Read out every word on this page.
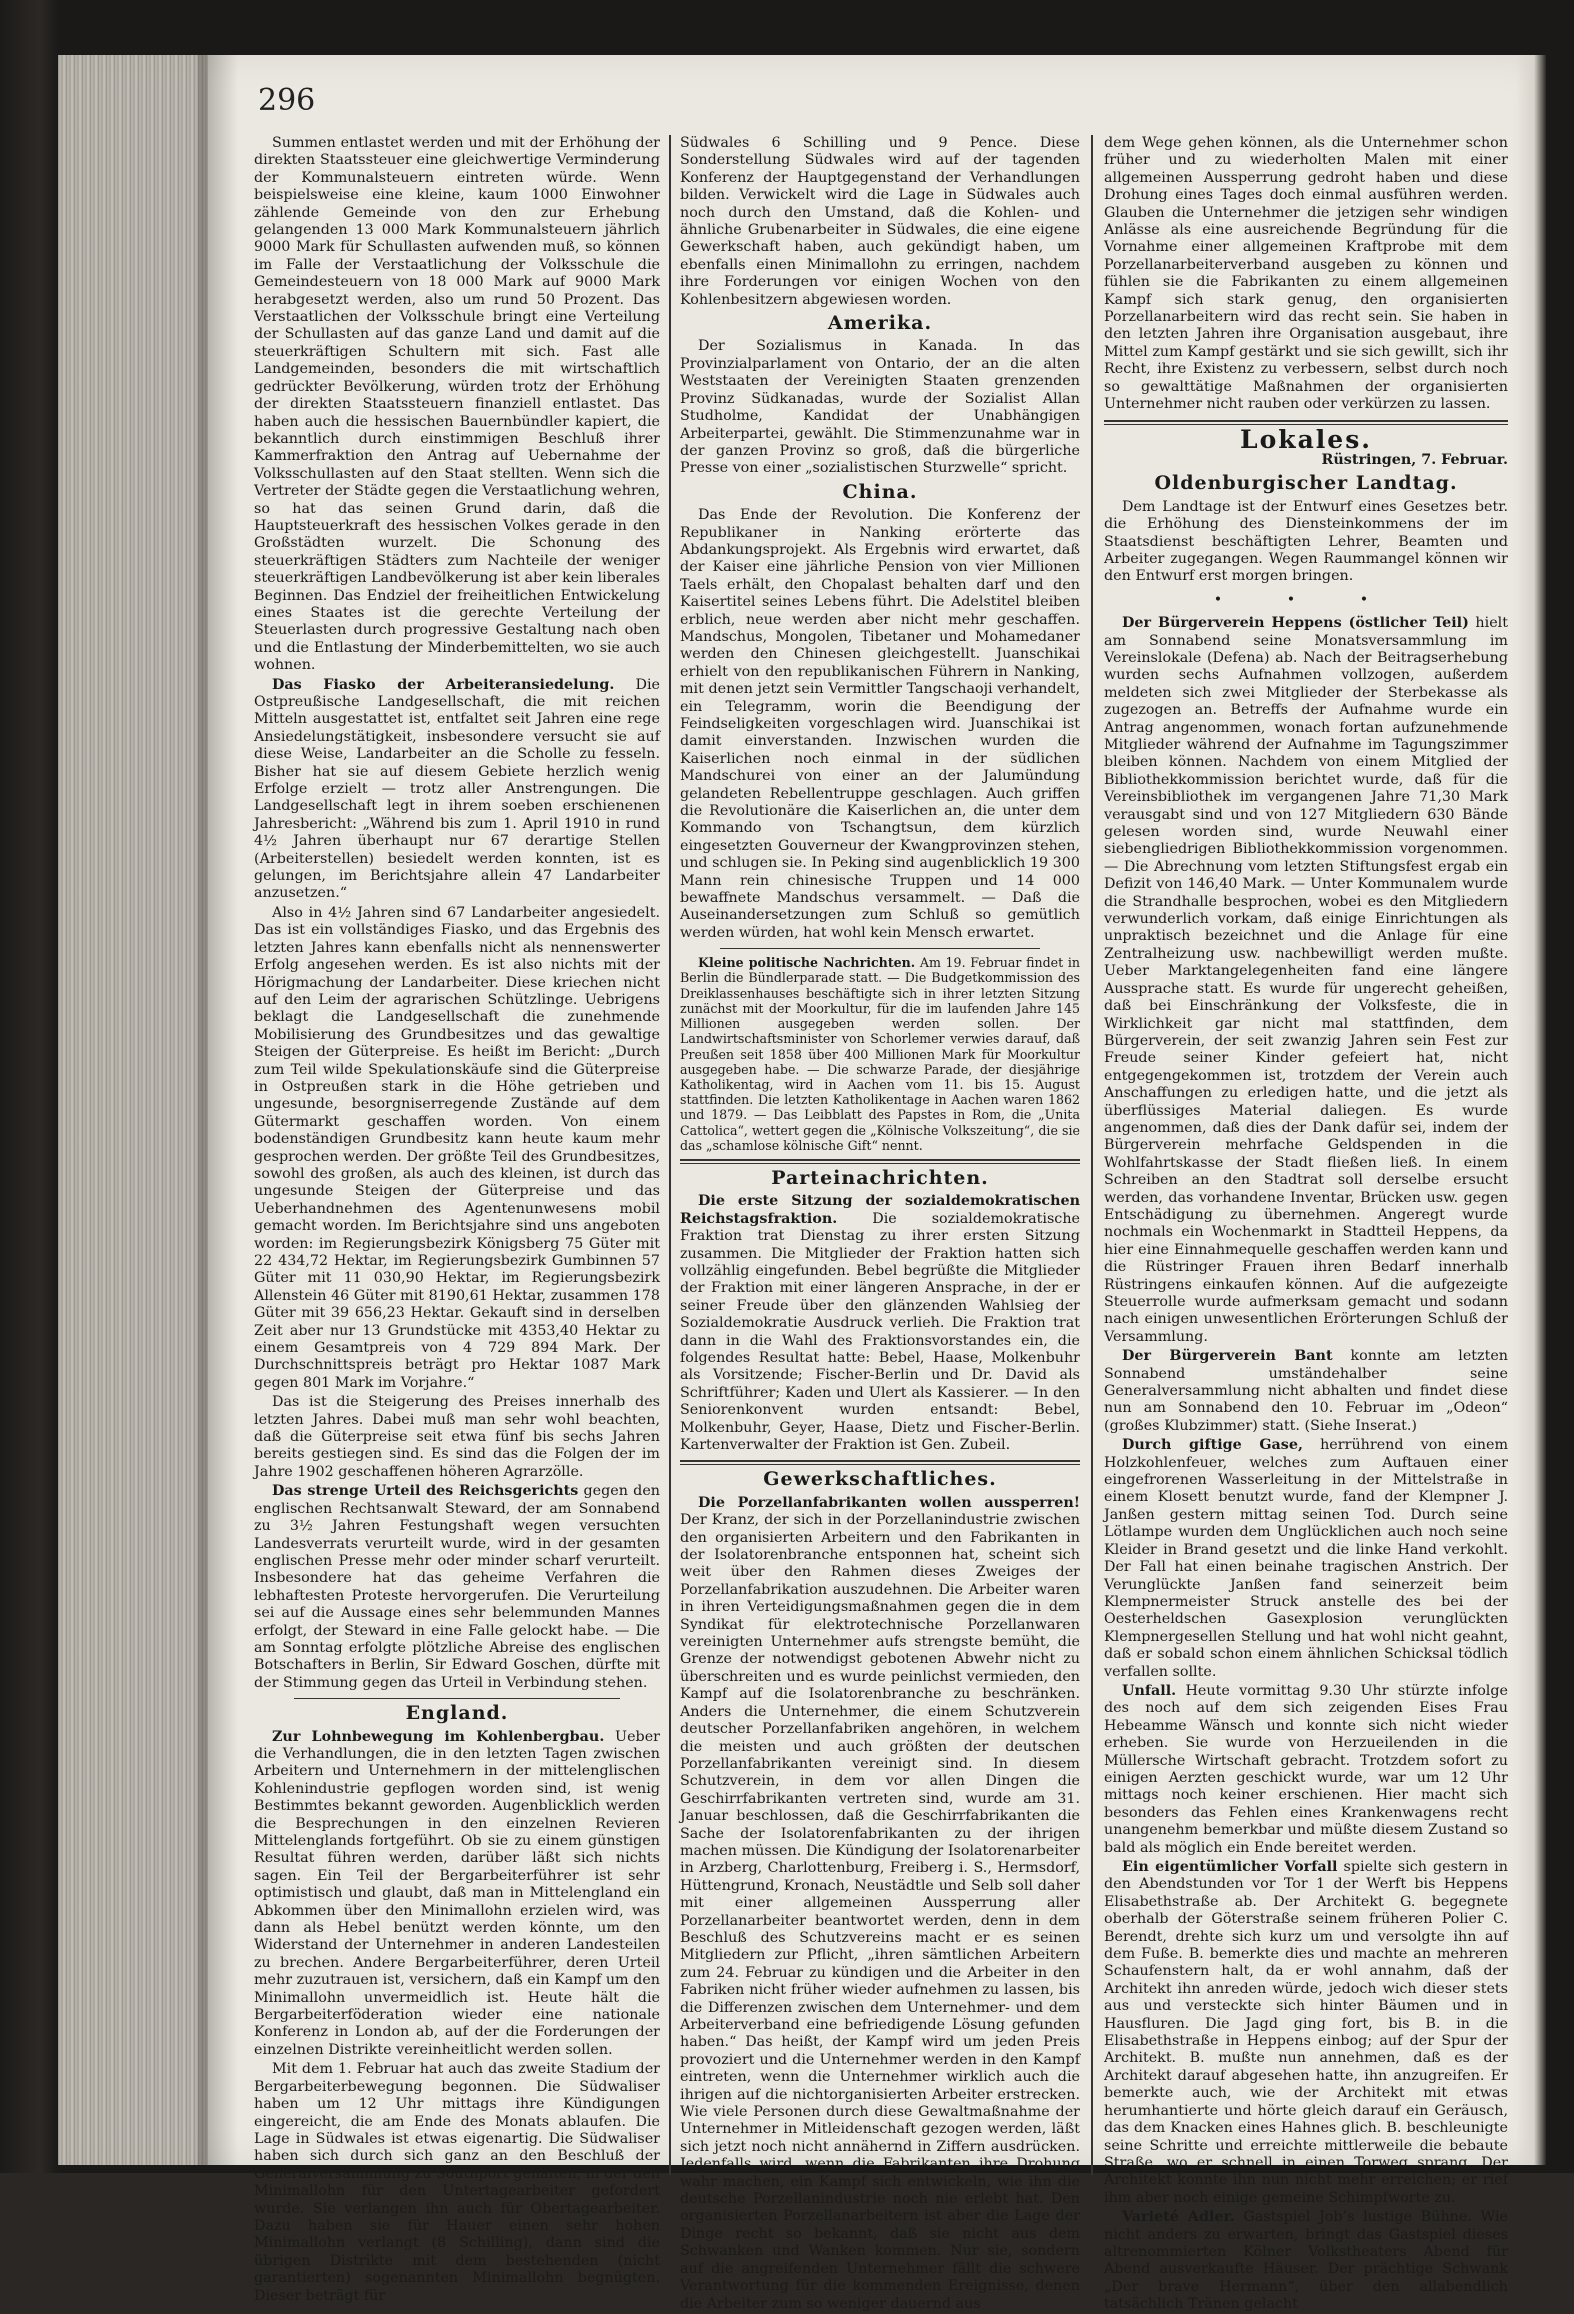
296

Summen entlastet werden und mit der Erhöhung der direkten Staatssteuer eine gleichwertige Verminderung der Kommunalsteuern eintreten würde. Wenn beispielsweise eine kleine, kaum 1000 Einwohner zählende Gemeinde von den zur Erhebung gelangenden 13 000 Mark Kommunalsteuern jährlich 9000 Mark für Schullasten aufwenden muß, so können im Falle der Verstaatlichung der Volksschule die Gemeindesteuern von 18 000 Mark auf 9000 Mark herabgesetzt werden, also um rund 50 Prozent. Das Verstaatlichen der Volksschule bringt eine Verteilung der Schullasten auf das ganze Land und damit auf die steuerkräftigen Schultern mit sich. Fast alle Landgemeinden, besonders die mit wirtschaftlich gedrückter Bevölkerung, würden trotz der Erhöhung der direkten Staatssteuern finanziell entlastet. Das haben auch die hessischen Bauernbündler kapiert, die bekanntlich durch einstimmigen Beschluß ihrer Kammerfraktion den Antrag auf Uebernahme der Volksschullasten auf den Staat stellten. Wenn sich die Vertreter der Städte gegen die Verstaatlichung wehren, so hat das seinen Grund darin, daß die Hauptsteuerkraft des hessischen Volkes gerade in den Großstädten wurzelt. Die Schonung des steuerkräftigen Städters zum Nachteile der weniger steuerkräftigen Landbevölkerung ist aber kein liberales Beginnen. Das Endziel der freiheitlichen Entwickelung eines Staates ist die gerechte Verteilung der Steuerlasten durch progressive Gestaltung nach oben und die Entlastung der Minderbemittelten, wo sie auch wohnen.

Das Fiasko der Arbeiteransiedelung. Die Ostpreußische Landgesellschaft, die mit reichen Mitteln ausgestattet ist, entfaltet seit Jahren eine rege Ansiedelungstätigkeit, insbesondere versucht sie auf diese Weise, Landarbeiter an die Scholle zu fesseln. Bisher hat sie auf diesem Gebiete herzlich wenig Erfolge erzielt — trotz aller Anstrengungen. Die Landgesellschaft legt in ihrem soeben erschienenen Jahresbericht: „Während bis zum 1. April 1910 in rund 4½ Jahren überhaupt nur 67 derartige Stellen (Arbeiterstellen) besiedelt werden konnten, ist es gelungen, im Berichtsjahre allein 47 Landarbeiter anzusetzen.“

Also in 4½ Jahren sind 67 Landarbeiter angesiedelt. Das ist ein vollständiges Fiasko, und das Ergebnis des letzten Jahres kann ebenfalls nicht als nennenswerter Erfolg angesehen werden. Es ist also nichts mit der Hörigmachung der Landarbeiter. Diese kriechen nicht auf den Leim der agrarischen Schützlinge. Uebrigens beklagt die Landgesellschaft die zunehmende Mobilisierung des Grundbesitzes und das gewaltige Steigen der Güterpreise. Es heißt im Bericht: „Durch zum Teil wilde Spekulationskäufe sind die Güterpreise in Ostpreußen stark in die Höhe getrieben und ungesunde, besorgniserregende Zustände auf dem Gütermarkt geschaffen worden. Von einem bodenständigen Grundbesitz kann heute kaum mehr gesprochen werden. Der größte Teil des Grundbesitzes, sowohl des großen, als auch des kleinen, ist durch das ungesunde Steigen der Güterpreise und das Ueberhandnehmen des Agentenunwesens mobil gemacht worden. Im Berichtsjahre sind uns angeboten worden: im Regierungsbezirk Königsberg 75 Güter mit 22 434,72 Hektar, im Regierungsbezirk Gumbinnen 57 Güter mit 11 030,90 Hektar, im Regierungsbezirk Allenstein 46 Güter mit 8190,61 Hektar, zusammen 178 Güter mit 39 656,23 Hektar. Gekauft sind in derselben Zeit aber nur 13 Grundstücke mit 4353,40 Hektar zu einem Gesamtpreis von 4 729 894 Mark. Der Durchschnittspreis beträgt pro Hektar 1087 Mark gegen 801 Mark im Vorjahre.“

Das ist die Steigerung des Preises innerhalb des letzten Jahres. Dabei muß man sehr wohl beachten, daß die Güterpreise seit etwa fünf bis sechs Jahren bereits gestiegen sind. Es sind das die Folgen der im Jahre 1902 geschaffenen höheren Agrarzölle.

Das strenge Urteil des Reichsgerichts gegen den englischen Rechtsanwalt Steward, der am Sonnabend zu 3½ Jahren Festungshaft wegen versuchten Landesverrats verurteilt wurde, wird in der gesamten englischen Presse mehr oder minder scharf verurteilt. Insbesondere hat das geheime Verfahren die lebhaftesten Proteste hervorgerufen. Die Verurteilung sei auf die Aussage eines sehr belemmunden Mannes erfolgt, der Steward in eine Falle gelockt habe. — Die am Sonntag erfolgte plötzliche Abreise des englischen Botschafters in Berlin, Sir Edward Goschen, dürfte mit der Stimmung gegen das Urteil in Verbindung stehen.

England.

Zur Lohnbewegung im Kohlenbergbau. Ueber die Verhandlungen, die in den letzten Tagen zwischen Arbeitern und Unternehmern in der mittelenglischen Kohlenindustrie gepflogen worden sind, ist wenig Bestimmtes bekannt geworden. Augenblicklich werden die Besprechungen in den einzelnen Revieren Mittelenglands fortgeführt. Ob sie zu einem günstigen Resultat führen werden, darüber läßt sich nichts sagen. Ein Teil der Bergarbeiterführer ist sehr optimistisch und glaubt, daß man in Mittelengland ein Abkommen über den Minimallohn erzielen wird, was dann als Hebel benützt werden könnte, um den Widerstand der Unternehmer in anderen Landesteilen zu brechen. Andere Bergarbeiterführer, deren Urteil mehr zuzutrauen ist, versichern, daß ein Kampf um den Minimallohn unvermeidlich ist. Heute hält die Bergarbeiterföderation wieder eine nationale Konferenz in London ab, auf der die Forderungen der einzelnen Distrikte vereinheitlicht werden sollen.

Mit dem 1. Februar hat auch das zweite Stadium der Bergarbeiterbewegung begonnen. Die Südwaliser haben um 12 Uhr mittags ihre Kündigungen eingereicht, die am Ende des Monats ablaufen. Die Lage in Südwales ist etwas eigenartig. Die Südwaliser haben sich durch sich ganz an den Beschluß der Generalversammlung zu Southport gehalten, in der den Minimallohn für den Untertagearbeiter gefordert wurde. Sie verlangen ihn auch für Obertagearbeiter. Dazu haben sie für Hauer einen sehr hohen Minimallohn verlangt (8 Schilling), dann sind die übrigen Distrikte mit dem bestehenden (nicht garantierten) sogenannten Minimallohn begnügten. Dieser beträgt für

Südwales 6 Schilling und 9 Pence. Diese Sonderstellung Südwales wird auf der tagenden Konferenz der Hauptgegenstand der Verhandlungen bilden. Verwickelt wird die Lage in Südwales auch noch durch den Umstand, daß die Kohlen- und ähnliche Grubenarbeiter in Südwales, die eine eigene Gewerkschaft haben, auch gekündigt haben, um ebenfalls einen Minimallohn zu erringen, nachdem ihre Forderungen vor einigen Wochen von den Kohlenbesitzern abgewiesen worden.

Amerika.

Der Sozialismus in Kanada. In das Provinzialparlament von Ontario, der an die alten Weststaaten der Vereinigten Staaten grenzenden Provinz Südkanadas, wurde der Sozialist Allan Studholme, Kandidat der Unabhängigen Arbeiterpartei, gewählt. Die Stimmenzunahme war in der ganzen Provinz so groß, daß die bürgerliche Presse von einer „sozialistischen Sturzwelle“ spricht.

China.

Das Ende der Revolution. Die Konferenz der Republikaner in Nanking erörterte das Abdankungsprojekt. Als Ergebnis wird erwartet, daß der Kaiser eine jährliche Pension von vier Millionen Taels erhält, den Chopalast behalten darf und den Kaisertitel seines Lebens führt. Die Adelstitel bleiben erblich, neue werden aber nicht mehr geschaffen. Mandschus, Mongolen, Tibetaner und Mohamedaner werden den Chinesen gleichgestellt. Juanschikai erhielt von den republikanischen Führern in Nanking, mit denen jetzt sein Vermittler Tangschaoji verhandelt, ein Telegramm, worin die Beendigung der Feindseligkeiten vorgeschlagen wird. Juanschikai ist damit einverstanden. Inzwischen wurden die Kaiserlichen noch einmal in der südlichen Mandschurei von einer an der Jalumündung gelandeten Rebellentruppe geschlagen. Auch griffen die Revolutionäre die Kaiserlichen an, die unter dem Kommando von Tschangtsun, dem kürzlich eingesetzten Gouverneur der Kwangprovinzen stehen, und schlugen sie. In Peking sind augenblicklich 19 300 Mann rein chinesische Truppen und 14 000 bewaffnete Mandschus versammelt. — Daß die Auseinandersetzungen zum Schluß so gemütlich werden würden, hat wohl kein Mensch erwartet.

Kleine politische Nachrichten. Am 19. Februar findet in Berlin die Bündlerparade statt. — Die Budgetkommission des Dreiklassenhauses beschäftigte sich in ihrer letzten Sitzung zunächst mit der Moorkultur, für die im laufenden Jahre 145 Millionen ausgegeben werden sollen. Der Landwirtschaftsminister von Schorlemer verwies darauf, daß Preußen seit 1858 über 400 Millionen Mark für Moorkultur ausgegeben habe. — Die schwarze Parade, der diesjährige Katholikentag, wird in Aachen vom 11. bis 15. August stattfinden. Die letzten Katholikentage in Aachen waren 1862 und 1879. — Das Leibblatt des Papstes in Rom, die „Unita Cattolica“, wettert gegen die „Kölnische Volkszeitung“, die sie das „schamlose kölnische Gift“ nennt.

Parteinachrichten.

Die erste Sitzung der sozialdemokratischen Reichstagsfraktion. Die sozialdemokratische Fraktion trat Dienstag zu ihrer ersten Sitzung zusammen. Die Mitglieder der Fraktion hatten sich vollzählig eingefunden. Bebel begrüßte die Mitglieder der Fraktion mit einer längeren Ansprache, in der er seiner Freude über den glänzenden Wahlsieg der Sozialdemokratie Ausdruck verlieh. Die Fraktion trat dann in die Wahl des Fraktionsvorstandes ein, die folgendes Resultat hatte: Bebel, Haase, Molkenbuhr als Vorsitzende; Fischer-Berlin und Dr. David als Schriftführer; Kaden und Ulert als Kassierer. — In den Seniorenkonvent wurden entsandt: Bebel, Molkenbuhr, Geyer, Haase, Dietz und Fischer-Berlin. Kartenverwalter der Fraktion ist Gen. Zubeil.

Gewerkschaftliches.

Die Porzellanfabrikanten wollen aussperren! Der Kranz, der sich in der Porzellanindustrie zwischen den organisierten Arbeitern und den Fabrikanten in der Isolatorenbranche entsponnen hat, scheint sich weit über den Rahmen dieses Zweiges der Porzellanfabrikation auszudehnen. Die Arbeiter waren in ihren Verteidigungsmaßnahmen gegen die in dem Syndikat für elektrotechnische Porzellanwaren vereinigten Unternehmer aufs strengste bemüht, die Grenze der notwendigst gebotenen Abwehr nicht zu überschreiten und es wurde peinlichst vermieden, den Kampf auf die Isolatorenbranche zu beschränken. Anders die Unternehmer, die einem Schutzverein deutscher Porzellanfabriken angehören, in welchem die meisten und auch größten der deutschen Porzellanfabrikanten vereinigt sind. In diesem Schutzverein, in dem vor allen Dingen die Geschirrfabrikanten vertreten sind, wurde am 31. Januar beschlossen, daß die Geschirrfabrikanten die Sache der Isolatorenfabrikanten zu der ihrigen machen müssen. Die Kündigung der Isolatorenarbeiter in Arzberg, Charlottenburg, Freiberg i. S., Hermsdorf, Hüttengrund, Kronach, Neustädtle und Selb soll daher mit einer allgemeinen Aussperrung aller Porzellanarbeiter beantwortet werden, denn in dem Beschluß des Schutzvereins macht er es seinen Mitgliedern zur Pflicht, „ihren sämtlichen Arbeitern zum 24. Februar zu kündigen und die Arbeiter in den Fabriken nicht früher wieder aufnehmen zu lassen, bis die Differenzen zwischen dem Unternehmer- und dem Arbeiterverband eine befriedigende Lösung gefunden haben.“ Das heißt, der Kampf wird um jeden Preis provoziert und die Unternehmer werden in den Kampf eintreten, wenn die Unternehmer wirklich auch die ihrigen auf die nichtorganisierten Arbeiter erstrecken. Wie viele Personen durch diese Gewaltmaßnahme der Unternehmer in Mitleidenschaft gezogen werden, läßt sich jetzt noch nicht annähernd in Ziffern ausdrücken. Jedenfalls wird, wenn die Fabrikanten ihre Drohung wahr machen, ein Kampf sich entwickeln, wie ihn die deutsche Porzellanindustrie noch nie erlebt hat. Den organisierten Porzellanarbeitern ist aber die Lage der Dinge recht so bekannt, daß sie nicht aus dem Schwanken und Wanken kommen. Nur sie, sondern auf die angreifenden Unternehmer fällt die schwere Verantwortung für die kommenden Ereignisse, denen die Arbeiter zum so weniger dauernd aus

dem Wege gehen können, als die Unternehmer schon früher und zu wiederholten Malen mit einer allgemeinen Aussperrung gedroht haben und diese Drohung eines Tages doch einmal ausführen werden. Glauben die Unternehmer die jetzigen sehr windigen Anlässe als eine ausreichende Begründung für die Vornahme einer allgemeinen Kraftprobe mit dem Porzellanarbeiterverband ausgeben zu können und fühlen sie die Fabrikanten zu einem allgemeinen Kampf sich stark genug, den organisierten Porzellanarbeitern wird das recht sein. Sie haben in den letzten Jahren ihre Organisation ausgebaut, ihre Mittel zum Kampf gestärkt und sie sich gewillt, sich ihr Recht, ihre Existenz zu verbessern, selbst durch noch so gewalttätige Maßnahmen der organisierten Unternehmer nicht rauben oder verkürzen zu lassen.

Lokales.
Rüstringen, 7. Februar.
Oldenburgischer Landtag.

Dem Landtage ist der Entwurf eines Gesetzes betr. die Erhöhung des Diensteinkommens der im Staatsdienst beschäftigten Lehrer, Beamten und Arbeiter zugegangen. Wegen Raummangel können wir den Entwurf erst morgen bringen.

• • •

Der Bürgerverein Heppens (östlicher Teil) hielt am Sonnabend seine Monatsversammlung im Vereinslokale (Defena) ab. Nach der Beitragserhebung wurden sechs Aufnahmen vollzogen, außerdem meldeten sich zwei Mitglieder der Sterbekasse als zugezogen an. Betreffs der Aufnahme wurde ein Antrag angenommen, wonach fortan aufzunehmende Mitglieder während der Aufnahme im Tagungszimmer bleiben können. Nachdem von einem Mitglied der Bibliothekkommission berichtet wurde, daß für die Vereinsbibliothek im vergangenen Jahre 71,30 Mark verausgabt sind und von 127 Mitgliedern 630 Bände gelesen worden sind, wurde Neuwahl einer siebengliedrigen Bibliothekkommission vorgenommen. — Die Abrechnung vom letzten Stiftungsfest ergab ein Defizit von 146,40 Mark. — Unter Kommunalem wurde die Strandhalle besprochen, wobei es den Mitgliedern verwunderlich vorkam, daß einige Einrichtungen als unpraktisch bezeichnet und die Anlage für eine Zentralheizung usw. nachbewilligt werden mußte. Ueber Marktangelegenheiten fand eine längere Aussprache statt. Es wurde für ungerecht geheißen, daß bei Einschränkung der Volksfeste, die in Wirklichkeit gar nicht mal stattfinden, dem Bürgerverein, der seit zwanzig Jahren sein Fest zur Freude seiner Kinder gefeiert hat, nicht entgegengekommen ist, trotzdem der Verein auch Anschaffungen zu erledigen hatte, und die jetzt als überflüssiges Material daliegen. Es wurde angenommen, daß dies der Dank dafür sei, indem der Bürgerverein mehrfache Geldspenden in die Wohlfahrtskasse der Stadt fließen ließ. In einem Schreiben an den Stadtrat soll derselbe ersucht werden, das vorhandene Inventar, Brücken usw. gegen Entschädigung zu übernehmen. Angeregt wurde nochmals ein Wochenmarkt in Stadtteil Heppens, da hier eine Einnahmequelle geschaffen werden kann und die Rüstringer Frauen ihren Bedarf innerhalb Rüstringens einkaufen können. Auf die aufgezeigte Steuerrolle wurde aufmerksam gemacht und sodann nach einigen unwesentlichen Erörterungen Schluß der Versammlung.

Der Bürgerverein Bant konnte am letzten Sonnabend umständehalber seine Generalversammlung nicht abhalten und findet diese nun am Sonnabend den 10. Februar im „Odeon“ (großes Klubzimmer) statt. (Siehe Inserat.)

Durch giftige Gase, herrührend von einem Holzkohlenfeuer, welches zum Auftauen einer eingefrorenen Wasserleitung in der Mittelstraße in einem Klosett benutzt wurde, fand der Klempner J. Janßen gestern mittag seinen Tod. Durch seine Lötlampe wurden dem Unglücklichen auch noch seine Kleider in Brand gesetzt und die linke Hand verkohlt. Der Fall hat einen beinahe tragischen Anstrich. Der Verunglückte Janßen fand seinerzeit beim Klempnermeister Struck anstelle des bei der Oesterheldschen Gasexplosion verunglückten Klempnergesellen Stellung und hat wohl nicht geahnt, daß er sobald schon einem ähnlichen Schicksal tödlich verfallen sollte.

Unfall. Heute vormittag 9.30 Uhr stürzte infolge des noch auf dem sich zeigenden Eises Frau Hebeamme Wänsch und konnte sich nicht wieder erheben. Sie wurde von Herzueilenden in die Müllersche Wirtschaft gebracht. Trotzdem sofort zu einigen Aerzten geschickt wurde, war um 12 Uhr mittags noch keiner erschienen. Hier macht sich besonders das Fehlen eines Krankenwagens recht unangenehm bemerkbar und müßte diesem Zustand so bald als möglich ein Ende bereitet werden.

Ein eigentümlicher Vorfall spielte sich gestern in den Abendstunden vor Tor 1 der Werft bis Heppens Elisabethstraße ab. Der Architekt G. begegnete oberhalb der Göterstraße seinem früheren Polier C. Berendt, drehte sich kurz um und versolgte ihn auf dem Fuße. B. bemerkte dies und machte an mehreren Schaufenstern halt, da er wohl annahm, daß der Architekt ihn anreden würde, jedoch wich dieser stets aus und versteckte sich hinter Bäumen und in Hausfluren. Die Jagd ging fort, bis B. in die Elisabethstraße in Heppens einbog; auf der Spur der Architekt. B. mußte nun annehmen, daß es der Architekt darauf abgesehen hatte, ihn anzugreifen. Er bemerkte auch, wie der Architekt mit etwas herumhantierte und hörte gleich darauf ein Geräusch, das dem Knacken eines Hahnes glich. B. beschleunigte seine Schritte und erreichte mittlerweile die bebaute Straße, wo er schnell in einen Torweg sprang. Der Architekt konnte ihn nun nicht mehr erreichen; er rief ihm aber noch einige gemeine Schimpfworte zu.

Varieté Adler. Gastspiel Job’s lustige Bühne. Wie nicht anders zu erwarten, bringt das Gastspiel dieses altrenommierten Kölner Volkstheaters Abend für Abend ausverkaufte Häuser. Der prächtige Schwank „Der brave Hermann“, über den allabendlich tatsächlich Tränen gelacht
